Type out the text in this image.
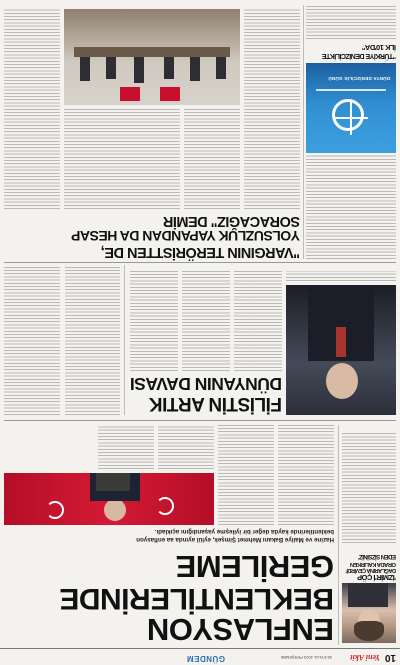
10
Yeni Akit
28 EYLÜL 2023 PERŞEMBE
GÜNDEM
'İZMİR'İ ÇÖP
DAĞLARINA ÇEVİRDİ'
ORADA KALIRKEN
EDEN SİZSİNİZ'
ENFLASYON
BEKLENTİLERİNDE
GERİLEME
Hazine ve Maliye Bakanı Mehmet Şimşek, eylül ayında aa enflasyon
beklentilerinde kayda değer bir iyileşme yaşandığını açıkladı.
FİLİSTİN ARTIK
DÜNYANIN DAVASI
"VARGININ TERÖRİSTTEN DE,
YOLSUZLUK YAPANDAN DA HESAP
SORACAĞIZ" DEMİR
DÜNYA DENİZCİLİK GÜNÜ
"TÜRKİYE DENİZCİLİKTE
İLK 10'DA"
